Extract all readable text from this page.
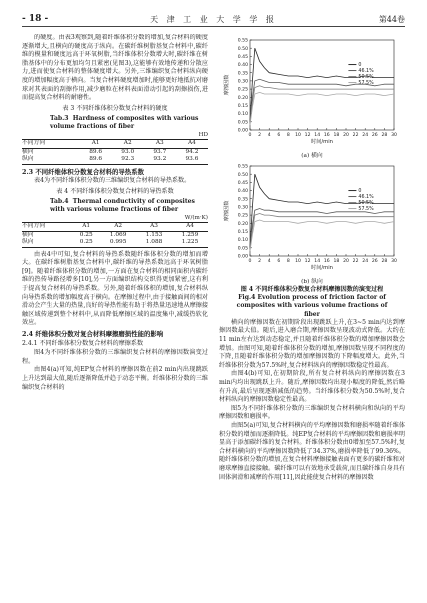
- 18 -	天 津 工 业 大 学 学 报	第44卷

的硬度。由表3观察到,随着纤维体积分数的增加,复合材料的硬度逐渐增大,且横向的硬度高于纵向。在碳纤维树脂基复合材料中,碳纤维的模量和硬度远高于环氧树脂,当纤维体积分数增大时,碳纤维在树脂基体中的分布更加均匀且紧密(见图3),这能够有效地传递和分散应力,进而使复合材料的整体硬度增大。另外,三维编织复合材料纵向硬度的增加幅度高于横向。当复合材料硬度增加时,能够更好地抵抗对磨球对其表面的刮擦作用,减少磨粒在材料表面滑动引起的刮擦损伤,进而提高复合材料的耐磨性。

表 3 不同纤维体积分数复合材料的硬度
Tab.3 Hardness of composites with various volume fractions of fiber
HD
不同方向	A1	A2	A3	A4
横向	89.6	93.0	93.7	94.2
纵向	89.6	92.3	93.2	93.6
2.3 不同纤维体积分数复合材料的导热系数

表4为不同纤维体积分数的三维编织复合材料的导热系数。

表 4 不同纤维体积分数复合材料的导热系数
Tab.4 Thermal conductivity of composites with various volume fractions of fiber
W/(m·K)
不同方向	A1	A2	A3	A4
横向	0.25	1.069	1.153	1.259
纵向	0.25	0.995	1.088	1.225

由表4中可知,复合材料的导热系数随纤维体积分数的增加而增大。在碳纤维树脂基复合材料中,碳纤维的导热系数远高于环氧树脂[9]。随着纤维体积分数的增加,一方面在复合材料的相同面积内碳纤维的热传导路径增多[10],另一方面编织结构交织得更加紧密,这有利于提高复合材料的导热系数。另外,随着纤维体积的增加,复合材料纵向导热系数的增加幅度高于横向。在摩擦过程中,由于接触面间的相对滑动会产生大量的热量,良好的导热性能有助于将热量迅速地从摩擦接触区域传递到整个材料中,从而降低摩擦区域的温度集中,减缓热软化效应。

2.4 纤维体积分数对复合材料摩擦磨损性能的影响
2.4.1 不同纤维体积分数复合材料的摩擦系数

图4为不同纤维体积分数的三维编织复合材料的摩擦因数演变过程。

由图4(a)可知,纯EP复合材料的摩擦因数在前2 min内出现跳跃上升达到最大值,随后逐渐降低并趋于动态平衡。纤维体积分数的三维编织复合材料的

0.00
0.05
0.10
0.15
0.20
0.25
0.30
0.35
0.40
0.45
0.50
0.55
0 2 4 6 8 10 12 14 16 18 20 22 24 26 28 30
时间/min
摩擦因数
0
46.1%
50.5%
57.5%
(a) 横向
0.00
0.05
0.10
0.15
0.20
0.25
0.30
0.35
0.40
0.45
0.50
0.55
0 2 4 6 8 10 12 14 16 18 20 22 24 26 28 30
时间/min
摩擦因数
0
46.1%
50.5%
57.5%
(b) 纵向
图 4 不同纤维体积分数复合材料摩擦因数的演变过程
Fig.4 Evolution process of friction factor of composites with various volume fractions of fiber

横向的摩擦因数在初期阶段出现跳跃上升,在3~5 min内达到摩擦因数最大值。随后,进入磨合期,摩擦因数呈现波动式降低。大约在11 min左右达到动态稳定,并且随着纤维体积分数的增加摩擦因数会增加。由图可知,随着纤维体积分数的增加,摩擦因数呈现不同程度的下降,且随着纤维体积分数的增加摩擦因数的下降幅度增大。此外,当纤维体积分数为57.5%时,复合材料纵向的摩擦因数稳定性最高。

由图4(b)可知,在初期阶段,所有复合材料纵向的摩擦因数在3 min内均出现跳跃上升。随后,摩擦因数均出现小幅度的降低,然后略有升高,最后呈现逐渐减低的趋势。当纤维体积分数为50.5%时,复合材料纵向的摩擦因数稳定性最高。

图5为不同纤维体积分数的三维编织复合材料横向和纵向的平均摩擦因数和磨损率。

由图5(a)可知,复合材料横向的平均摩擦因数和磨损率随着纤维体积分数的增加而逐渐降低。纯EP复合材料的平均摩擦因数和磨损率明显高于添加碳纤维的复合材料。纤维体积分数由0增加至57.5%时,复合材料横向的平均摩擦因数降低了34.37%,磨损率降低了99.36%。随纤维体积分数的增加,在复合材料摩擦接触表面有更多的碳纤维和对磨球摩擦直接接触。碳纤维可以有效地承受载荷,而且碳纤维自身具有固体润滑和减摩的作用[11],因此能使复合材料的摩擦因数
